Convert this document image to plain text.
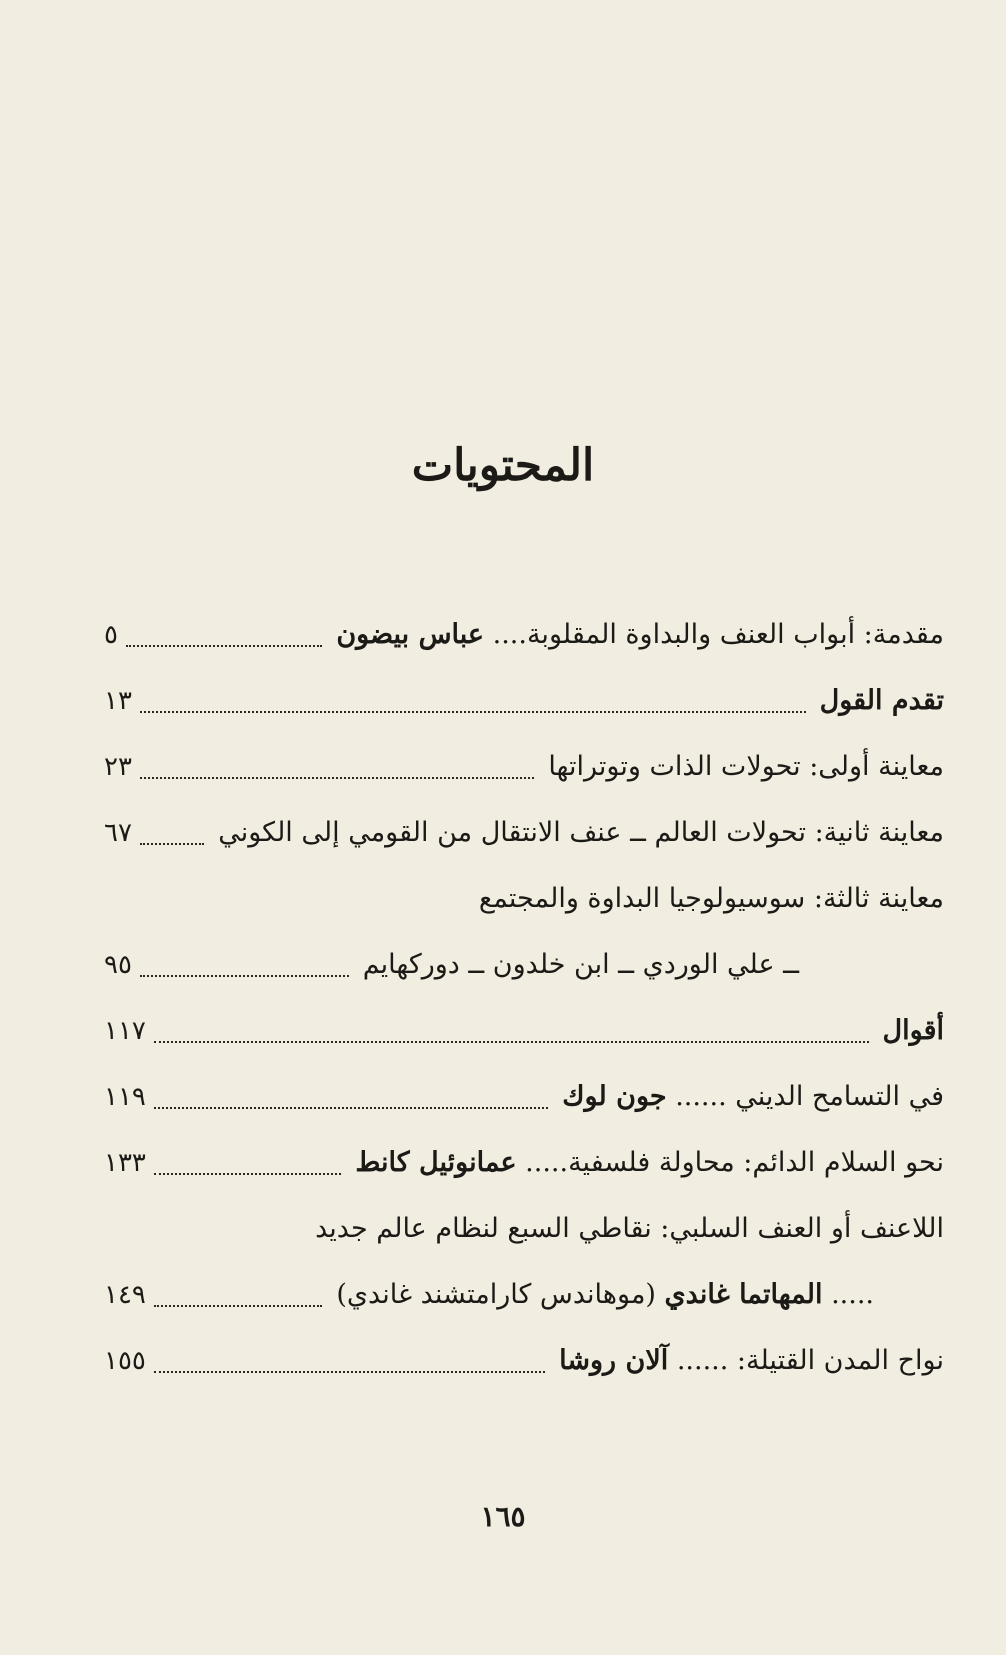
المحتويات
مقدمة: أبواب العنف والبداوة المقلوبة.... عباس بيضون
٥
تقدم القول
١٣
معاينة أولى: تحولات الذات وتوتراتها
٢٣
معاينة ثانية: تحولات العالم ــ عنف الانتقال من القومي إلى الكوني
٦٧
معاينة ثالثة: سوسيولوجيا البداوة والمجتمع
ــ علي الوردي ــ ابن خلدون ــ دوركهايم
٩٥
أقوال
١١٧
في التسامح الديني ...... جون لوك
١١٩
نحو السلام الدائم: محاولة فلسفية..... عمانوئيل كانط
١٣٣
اللاعنف أو العنف السلبي: نقاطي السبع لنظام عالم جديد
..... المهاتما غاندي (موهاندس كارامتشند غاندي)
١٤٩
نواح المدن القتيلة: ...... آلان روشا
١٥٥
١٦٥
